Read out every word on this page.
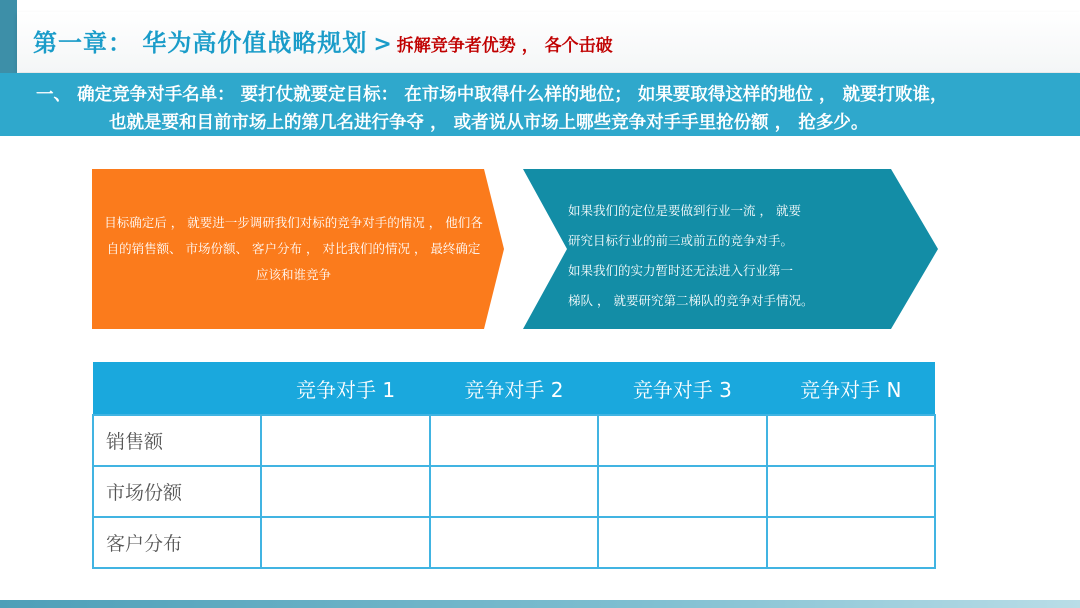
第一章： 华为高价值战略规划 > 拆解竞争者优势 ， 各个击破
一、 确定竞争对手名单： 要打仗就要定目标： 在市场中取得什么样的地位； 如果要取得这样的地位 ， 就要打败谁，
也就是要和目前市场上的第几名进行争夺 ， 或者说从市场上哪些竞争对手手里抢份额 ， 抢多少。
目标确定后 ， 就要进一步调研我们对标的竞争对手的情况 ， 他们各自的销售额、 市场份额、 客户分布 ， 对比我们的情况 ， 最终确定应该和谁竞争
如果我们的定位是要做到行业一流 ， 就要
研究目标行业的前三或前五的竞争对手。
如果我们的实力暂时还无法进入行业第一
梯队 ， 就要研究第二梯队的竞争对手情况。
	竞争对手 1	竞争对手 2	竞争对手 3	竞争对手 N
销售额				
市场份额				
客户分布				
